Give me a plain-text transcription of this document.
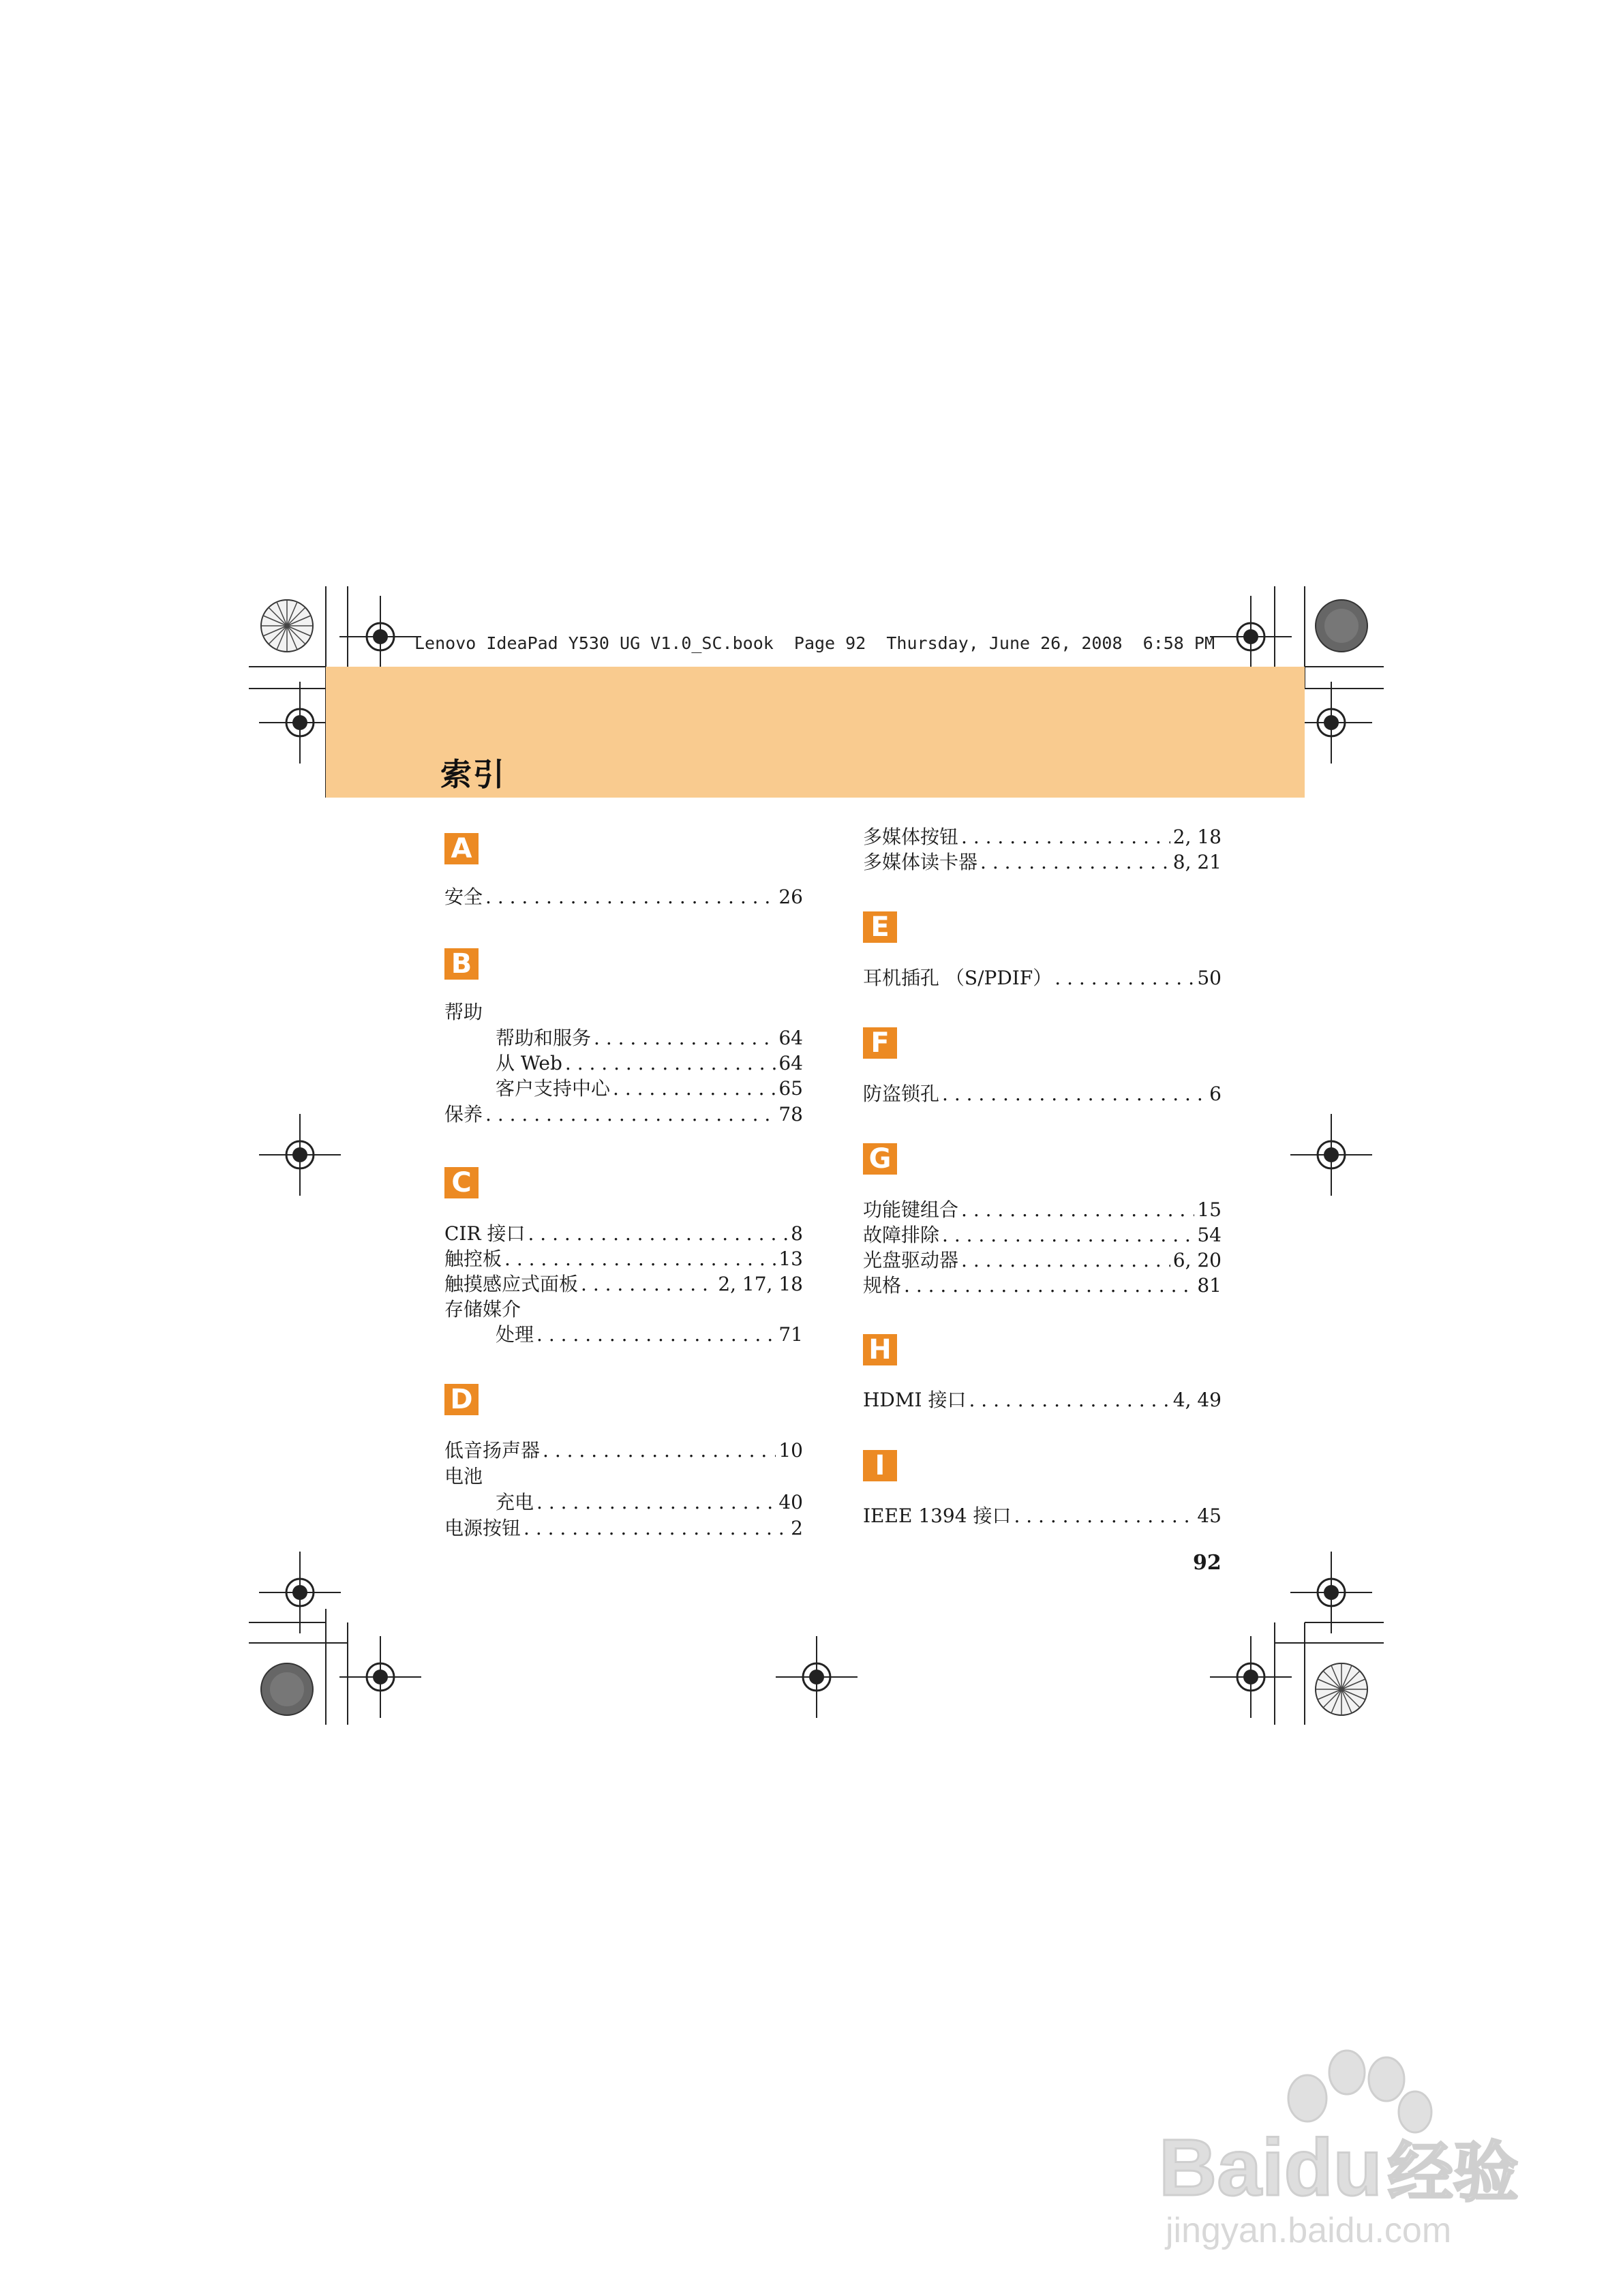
Lenovo IdeaPad Y530 UG V1.0_SC.book  Page 92  Thursday, June 26, 2008  6:58 PM
索引
A
安全 . . .	26
B
帮助
帮助和服务 . . .	64
从 Web . . .	64
客户支持中心 . . .	65
保养 . . .	78
C
CIR 接口 . . .	8
触控板 . . .	13
触摸感应式面板 . . .	2, 17, 18
存储媒介
处理 . . .	71
D
低音扬声器 . . .	10
电池
充电 . . .	40
电源按钮 . . .	2
多媒体按钮 . . .	2, 18
多媒体读卡器 . . .	8, 21
E
耳机插孔 （S/PDIF） . . .	50
F
防盗锁孔 . . .	6
G
功能键组合 . . .	15
故障排除 . . .	54
光盘驱动器 . . .	6, 20
规格 . . .	81
H
HDMI 接口 . . .	4, 49
I
IEEE 1394 接口 . . .	45
92
Baidu经验
jingyan.baidu.com
